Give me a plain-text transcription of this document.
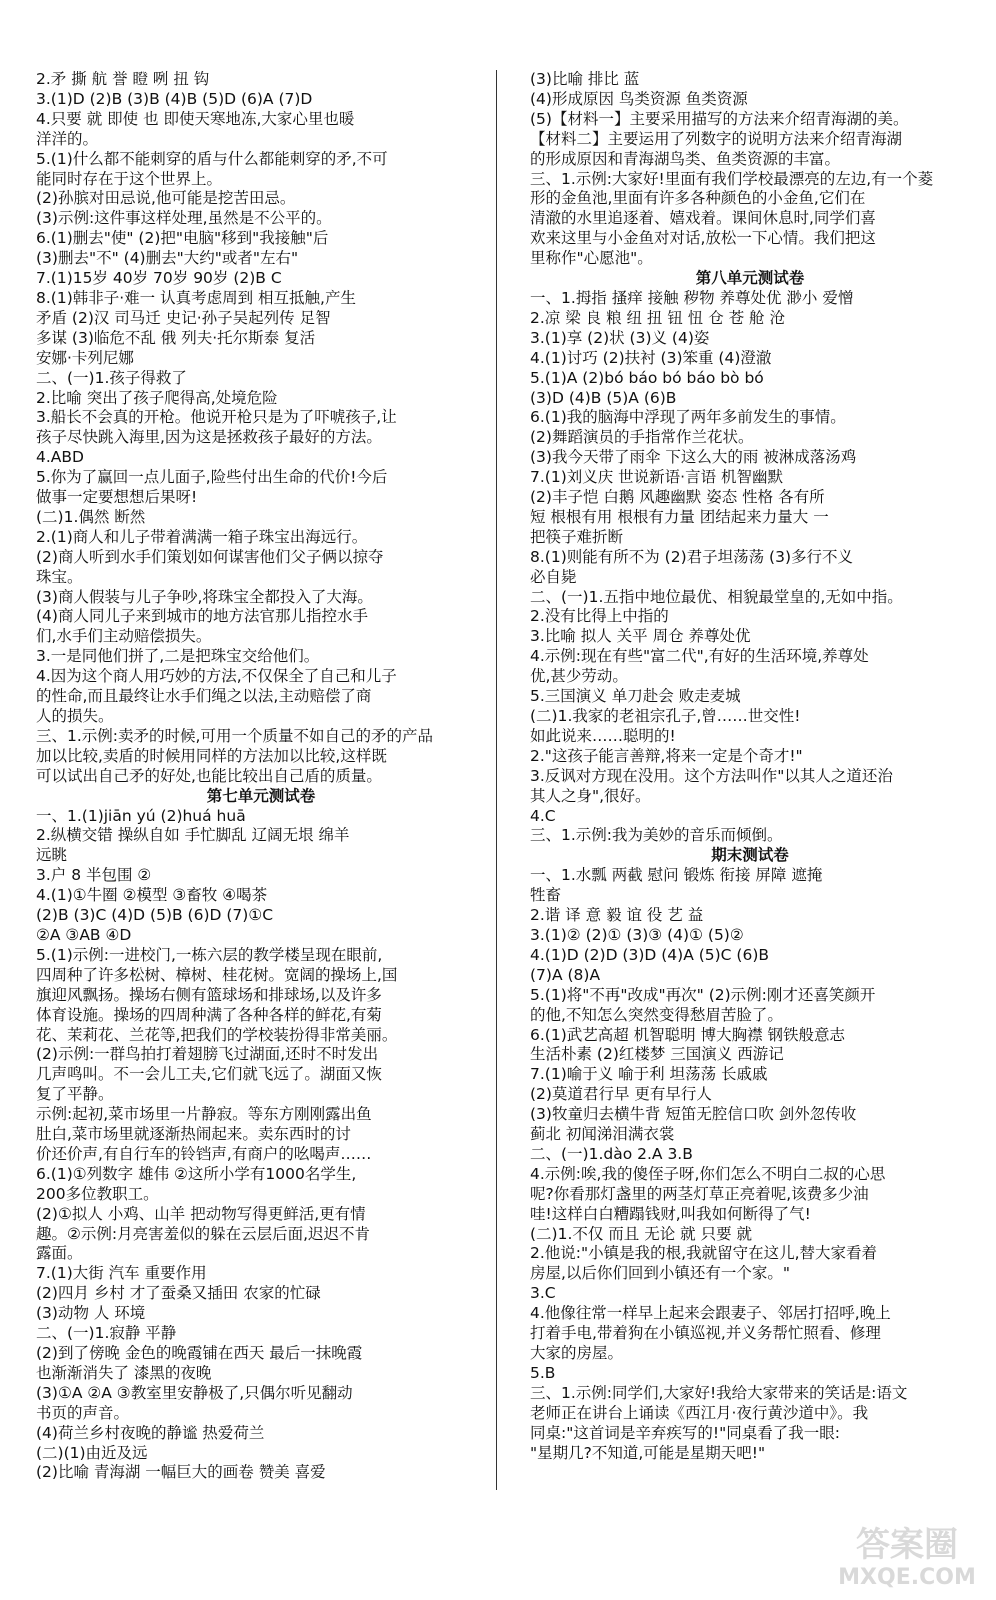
2.矛 撕 航 誉 瞪 咧 扭 钩
3.(1)D (2)B (3)B (4)B (5)D (6)A (7)D
4.只要 就 即使 也 即使天寒地冻,大家心里也暖
洋洋的。
5.(1)什么都不能刺穿的盾与什么都能刺穿的矛,不可
能同时存在于这个世界上。
(2)孙膑对田忌说,他可能是挖苦田忌。
(3)示例:这件事这样处理,虽然是不公平的。
6.(1)删去"使" (2)把"电脑"移到"我接触"后
(3)删去"不" (4)删去"大约"或者"左右"
7.(1)15岁 40岁 70岁 90岁 (2)B C
8.(1)韩非子·难一 认真考虑周到 相互抵触,产生
矛盾 (2)汉 司马迁 史记·孙子吴起列传 足智
多谋 (3)临危不乱 俄 列夫·托尔斯泰 复活
安娜·卡列尼娜
二、(一)1.孩子得救了
2.比喻 突出了孩子爬得高,处境危险
3.船长不会真的开枪。他说开枪只是为了吓唬孩子,让
孩子尽快跳入海里,因为这是拯救孩子最好的方法。
4.ABD
5.你为了赢回一点儿面子,险些付出生命的代价!今后
做事一定要想想后果呀!
(二)1.偶然 断然
2.(1)商人和儿子带着满满一箱子珠宝出海远行。
(2)商人听到水手们策划如何谋害他们父子俩以掠夺
珠宝。
(3)商人假装与儿子争吵,将珠宝全都投入了大海。
(4)商人同儿子来到城市的地方法官那儿指控水手
们,水手们主动赔偿损失。
3.一是同他们拼了,二是把珠宝交给他们。
4.因为这个商人用巧妙的方法,不仅保全了自己和儿子
的性命,而且最终让水手们绳之以法,主动赔偿了商
人的损失。
三、1.示例:卖矛的时候,可用一个质量不如自己的矛的产品
加以比较,卖盾的时候用同样的方法加以比较,这样既
可以试出自己矛的好处,也能比较出自己盾的质量。
第七单元测试卷
一、1.(1)jiān yú (2)huá huā
2.纵横交错 操纵自如 手忙脚乱 辽阔无垠 绵羊
远眺
3.户 8 半包围 ②
4.(1)①牛圈 ②模型 ③畜牧 ④喝茶
(2)B (3)C (4)D (5)B (6)D (7)①C
②A ③AB ④D
5.(1)示例:一进校门,一栋六层的教学楼呈现在眼前,
四周种了许多松树、樟树、桂花树。宽阔的操场上,国
旗迎风飘扬。操场右侧有篮球场和排球场,以及许多
体育设施。操场的四周种满了各种各样的鲜花,有菊
花、茉莉花、兰花等,把我们的学校装扮得非常美丽。
(2)示例:一群鸟拍打着翅膀飞过湖面,还时不时发出
几声鸣叫。不一会儿工夫,它们就飞远了。湖面又恢
复了平静。
示例:起初,菜市场里一片静寂。等东方刚刚露出鱼
肚白,菜市场里就逐渐热闹起来。卖东西时的讨
价还价声,有自行车的铃铛声,有商户的吆喝声……
6.(1)①列数字 雄伟 ②这所小学有1000名学生,
200多位教职工。
(2)①拟人 小鸡、山羊 把动物写得更鲜活,更有情
趣。②示例:月亮害羞似的躲在云层后面,迟迟不肯
露面。
7.(1)大街 汽车 重要作用
(2)四月 乡村 才了蚕桑又插田 农家的忙碌
(3)动物 人 环境
二、(一)1.寂静 平静
(2)到了傍晚 金色的晚霞铺在西天 最后一抹晚霞
也渐渐消失了 漆黑的夜晚
(3)①A ②A ③教室里安静极了,只偶尔听见翻动
书页的声音。
(4)荷兰乡村夜晚的静谧 热爱荷兰
(二)(1)由近及远
(2)比喻 青海湖 一幅巨大的画卷 赞美 喜爱
(3)比喻 排比 蓝
(4)形成原因 鸟类资源 鱼类资源
(5)【材料一】主要采用描写的方法来介绍青海湖的美。
【材料二】主要运用了列数字的说明方法来介绍青海湖
的形成原因和青海湖鸟类、鱼类资源的丰富。
三、1.示例:大家好!里面有我们学校最漂亮的左边,有一个菱
形的金鱼池,里面有许多各种颜色的小金鱼,它们在
清澈的水里追逐着、嬉戏着。课间休息时,同学们喜
欢来这里与小金鱼对对话,放松一下心情。我们把这
里称作"心愿池"。
第八单元测试卷
一、1.拇指 搔痒 接触 秽物 养尊处优 渺小 爱憎
2.凉 梁 良 粮 纽 扭 钮 忸 仓 苍 舱 沧
3.(1)享 (2)状 (3)义 (4)姿
4.(1)讨巧 (2)扶衬 (3)笨重 (4)澄澈
5.(1)A (2)bó báo bó báo bò bó
(3)D (4)B (5)A (6)B
6.(1)我的脑海中浮现了两年多前发生的事情。
(2)舞蹈演员的手指常作兰花状。
(3)我今天带了雨伞 下这么大的雨 被淋成落汤鸡
7.(1)刘义庆 世说新语·言语 机智幽默
(2)丰子恺 白鹅 风趣幽默 姿态 性格 各有所
短 根根有用 根根有力量 团结起来力量大 一
把筷子难折断
8.(1)则能有所不为 (2)君子坦荡荡 (3)多行不义
必自毙
二、(一)1.五指中地位最优、相貌最堂皇的,无如中指。
2.没有比得上中指的
3.比喻 拟人 关平 周仓 养尊处优
4.示例:现在有些"富二代",有好的生活环境,养尊处
优,甚少劳动。
5.三国演义 单刀赴会 败走麦城
(二)1.我家的老祖宗孔子,曾……世交性!
如此说来……聪明的!
2."这孩子能言善辩,将来一定是个奇才!"
3.反讽对方现在没用。这个方法叫作"以其人之道还治
其人之身",很好。
4.C
三、1.示例:我为美妙的音乐而倾倒。
期末测试卷
一、1.水瓢 两截 慰问 锻炼 衔接 屏障 遮掩
牲畜
2.谐 译 意 毅 谊 役 艺 益
3.(1)② (2)① (3)③ (4)① (5)②
4.(1)D (2)D (3)D (4)A (5)C (6)B
(7)A (8)A
5.(1)将"不再"改成"再次" (2)示例:刚才还喜笑颜开
的他,不知怎么突然变得愁眉苦脸了。
6.(1)武艺高超 机智聪明 博大胸襟 钢铁般意志
生活朴素 (2)红楼梦 三国演义 西游记
7.(1)喻于义 喻于利 坦荡荡 长戚戚
(2)莫道君行早 更有早行人
(3)牧童归去横牛背 短笛无腔信口吹 剑外忽传收
蓟北 初闻涕泪满衣裳
二、(一)1.dào 2.A 3.B
4.示例:唉,我的傻侄子呀,你们怎么不明白二叔的心思
呢?你看那灯盏里的两茎灯草正亮着呢,该费多少油
哇!这样白白糟蹋钱财,叫我如何断得了气!
(二)1.不仅 而且 无论 就 只要 就
2.他说:"小镇是我的根,我就留守在这儿,替大家看着
房屋,以后你们回到小镇还有一个家。"
3.C
4.他像往常一样早上起来会跟妻子、邻居打招呼,晚上
打着手电,带着狗在小镇巡视,并义务帮忙照看、修理
大家的房屋。
5.B
三、1.示例:同学们,大家好!我给大家带来的笑话是:语文
老师正在讲台上诵读《西江月·夜行黄沙道中》。我
同桌:"这首词是辛弃疾写的!"同桌看了我一眼:
"星期几?不知道,可能是星期天吧!"
答案圈
MXQE.COM
